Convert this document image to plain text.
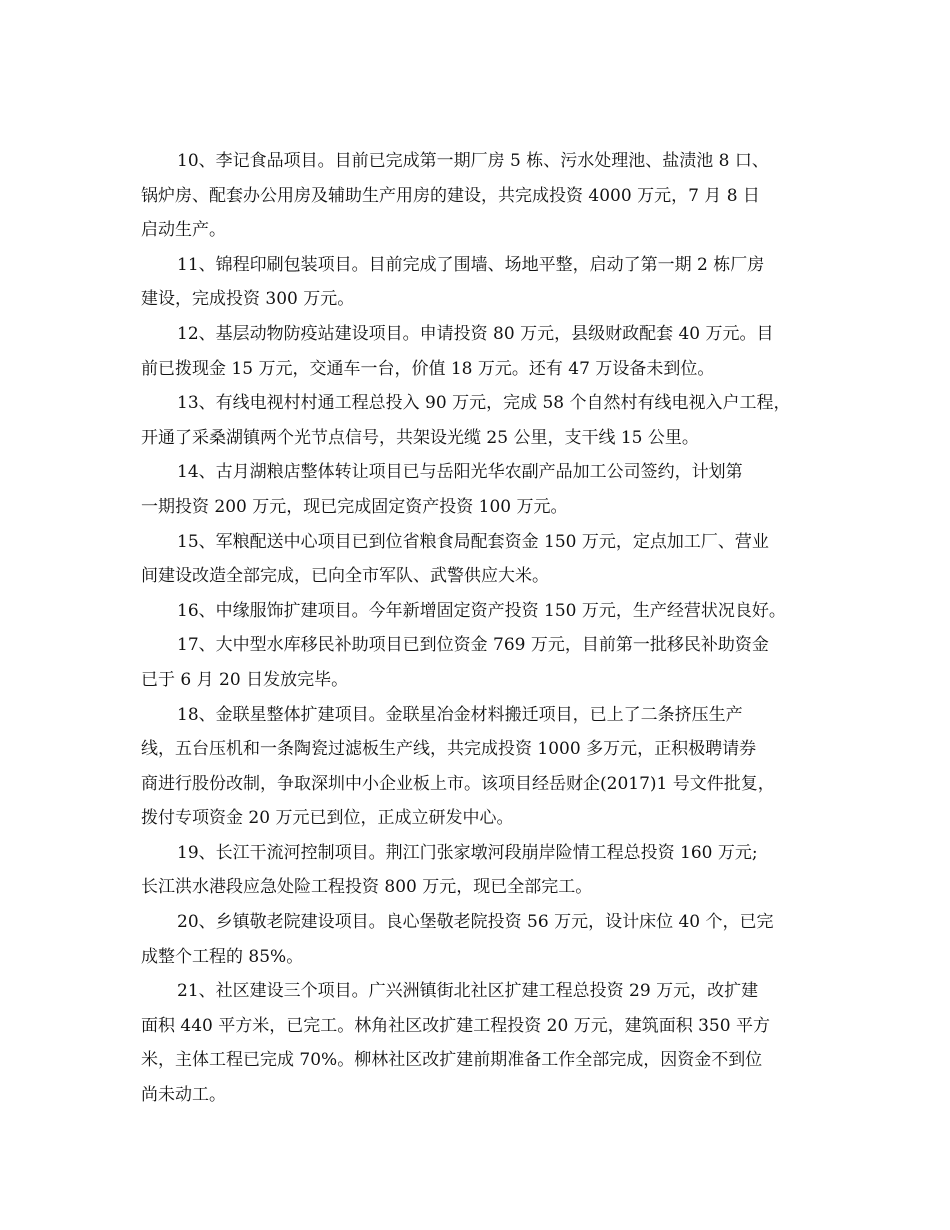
10、李记食品项目。目前已完成第一期厂房 5 栋、污水处理池、盐渍池 8 口、
锅炉房、配套办公用房及辅助生产用房的建设，共完成投资 4000 万元，7 月 8 日
启动生产。
11、锦程印刷包装项目。目前完成了围墙、场地平整，启动了第一期 2 栋厂房
建设，完成投资 300 万元。
12、基层动物防疫站建设项目。申请投资 80 万元，县级财政配套 40 万元。目
前已拨现金 15 万元，交通车一台，价值 18 万元。还有 47 万设备未到位。
13、有线电视村村通工程总投入 90 万元，完成 58 个自然村有线电视入户工程，
开通了采桑湖镇两个光节点信号，共架设光缆 25 公里，支干线 15 公里。
14、古月湖粮店整体转让项目已与岳阳光华农副产品加工公司签约，计划第
一期投资 200 万元，现已完成固定资产投资 100 万元。
15、军粮配送中心项目已到位省粮食局配套资金 150 万元，定点加工厂、营业
间建设改造全部完成，已向全市军队、武警供应大米。
16、中缘服饰扩建项目。今年新增固定资产投资 150 万元，生产经营状况良好。
17、大中型水库移民补助项目已到位资金 769 万元，目前第一批移民补助资金
已于 6 月 20 日发放完毕。
18、金联星整体扩建项目。金联星冶金材料搬迁项目，已上了二条挤压生产
线，五台压机和一条陶瓷过滤板生产线，共完成投资 1000 多万元，正积极聘请券
商进行股份改制，争取深圳中小企业板上市。该项目经岳财企(2017)1 号文件批复，
拨付专项资金 20 万元已到位，正成立研发中心。
19、长江干流河控制项目。荆江门张家墩河段崩岸险情工程总投资 160 万元;
长江洪水港段应急处险工程投资 800 万元，现已全部完工。
20、乡镇敬老院建设项目。良心堡敬老院投资 56 万元，设计床位 40 个，已完
成整个工程的 85%。
21、社区建设三个项目。广兴洲镇街北社区扩建工程总投资 29 万元，改扩建
面积 440 平方米，已完工。林角社区改扩建工程投资 20 万元，建筑面积 350 平方
米，主体工程已完成 70%。柳林社区改扩建前期准备工作全部完成，因资金不到位
尚未动工。
